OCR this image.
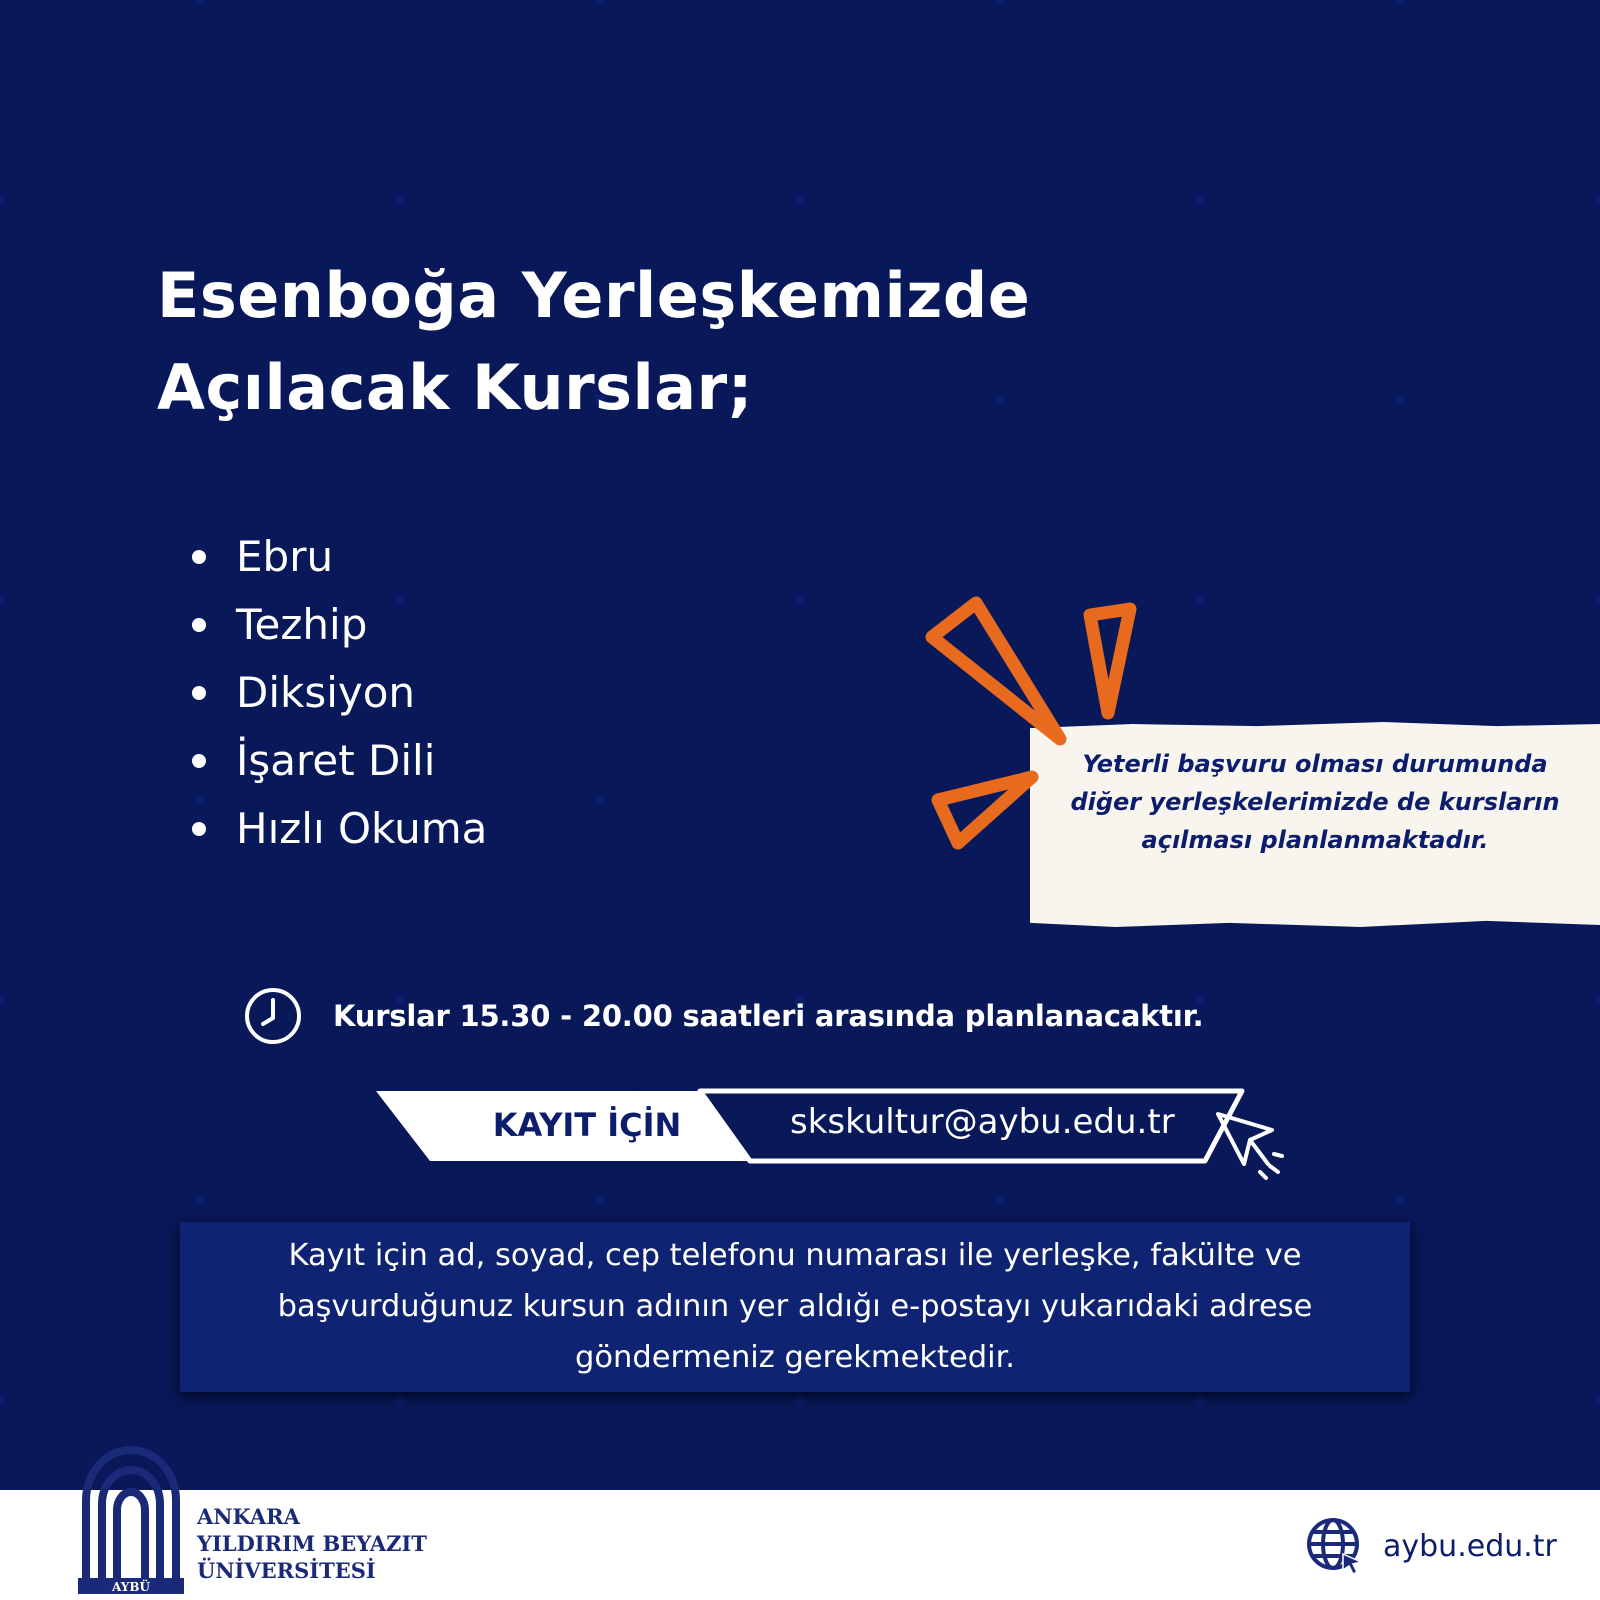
Esenboğa Yerleşkemizde
Açılacak Kurslar;
Ebru
Tezhip
Diksiyon
İşaret Dili
Hızlı Okuma
Yeterli başvuru olması durumunda diğer yerleşkelerimizde de kursların açılması planlanmaktadır.
Kurslar 15.30 - 20.00 saatleri arasında planlanacaktır.
KAYIT İÇİN	skskultur@aybu.edu.tr
Kayıt için ad, soyad, cep telefonu numarası ile yerleşke, fakülte ve başvurduğunuz kursun adının yer aldığı e-postayı yukarıdaki adrese göndermeniz gerekmektedir.
AYBÜ
ANKARA
YILDIRIM BEYAZIT
ÜNİVERSİTESİ
aybu.edu.tr
